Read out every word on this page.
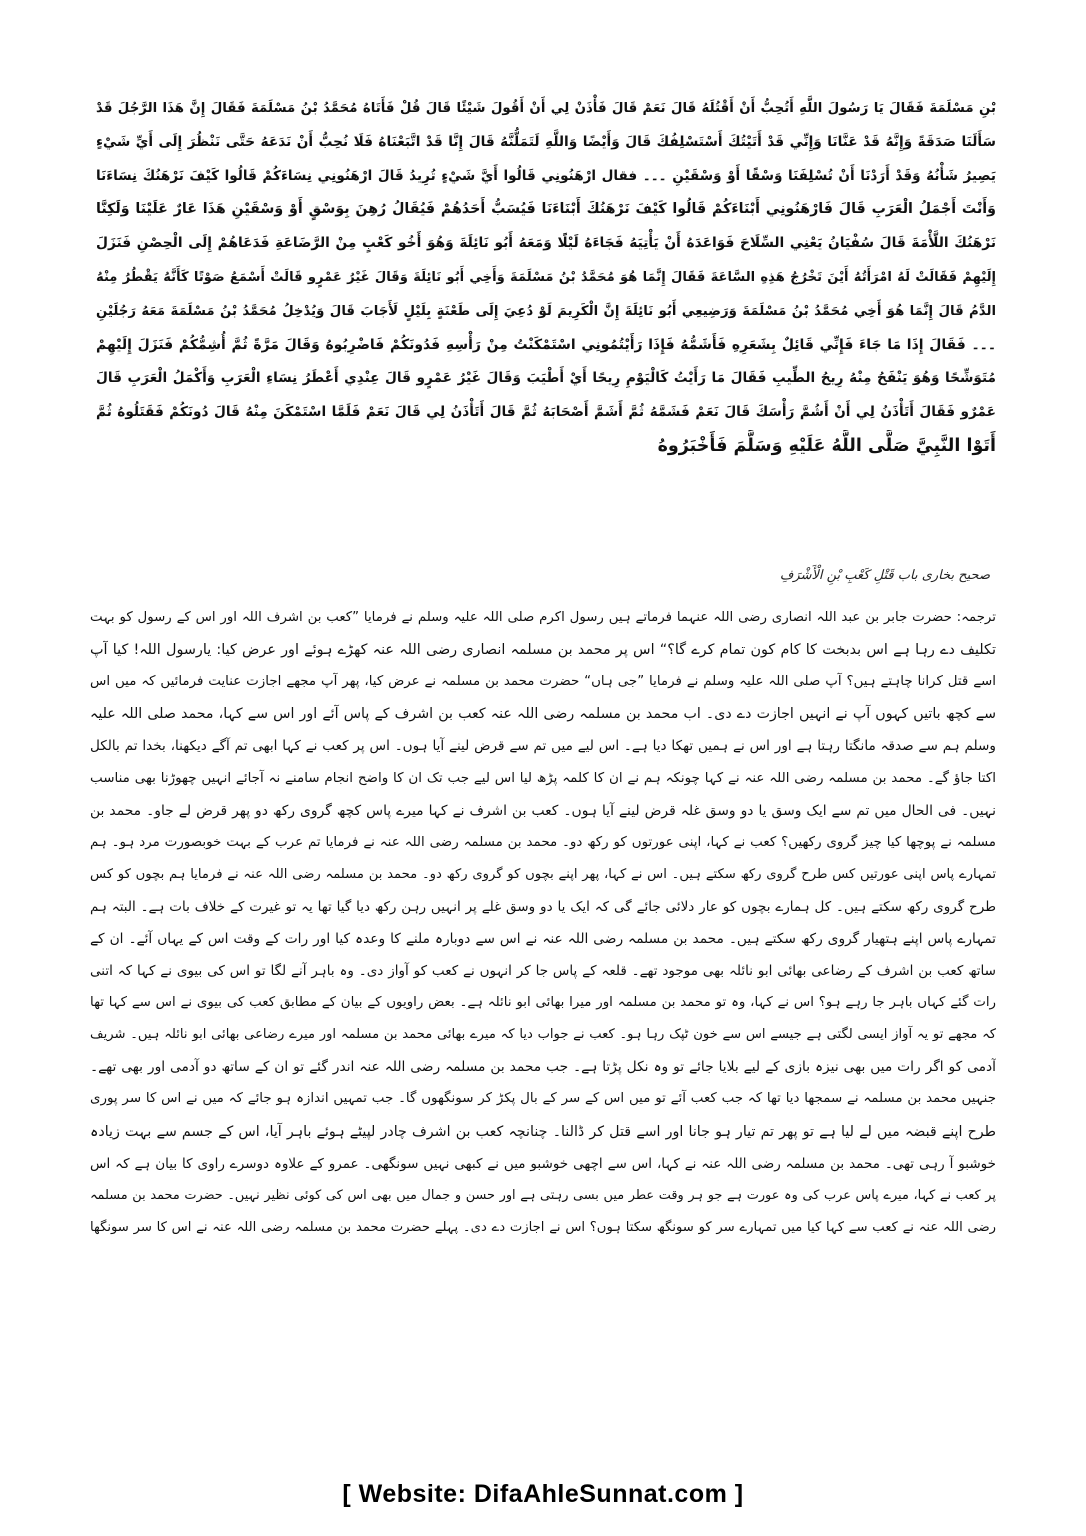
بْنِ مَسْلَمَةَ فَقَالَ يَا رَسُولَ اللَّهِ أَتُحِبُّ أَنْ أَقْتُلَهُ قَالَ نَعَمْ قَالَ فَأْذَنْ لِي أَنْ أَقُولَ شَيْئًا قَالَ قُلْ فَأَتَاهُ مُحَمَّدُ بْنُ مَسْلَمَةَ فَقَالَ إِنَّ هَذَا الرَّجُلَ قَدْ
سَأَلَنَا صَدَقَةً وَإِنَّهُ قَدْ عَنَّانَا وَإِنِّي قَدْ أَتَيْتُكَ أَسْتَسْلِفُكَ قَالَ وَأَيْضًا وَاللَّهِ لَتَمَلُّنَّهُ قَالَ إِنَّا قَدْ اتَّبَعْنَاهُ فَلَا نُحِبُّ أَنْ نَدَعَهُ حَتَّى نَنْظُرَ إِلَى أَيِّ شَيْءٍ
يَصِيرُ شَأْنُهُ وَقَدْ أَرَدْنَا أَنْ تُسْلِفَنَا وَسْقًا أَوْ وَسْقَيْنِ ۔۔۔ فقال ارْهَنُونِي قَالُوا أَيَّ شَيْءٍ تُرِيدُ قَالَ ارْهَنُونِي نِسَاءَكُمْ قَالُوا كَيْفَ نَرْهَنُكَ نِسَاءَنَا
وَأَنْتَ أَجْمَلُ الْعَرَبِ قَالَ فَارْهَنُونِي أَبْنَاءَكُمْ قَالُوا كَيْفَ نَرْهَنُكَ أَبْنَاءَنَا فَيُسَبُّ أَحَدُهُمْ فَيُقَالُ رُهِنَ بِوَسْقٍ أَوْ وَسْقَيْنِ هَذَا عَارٌ عَلَيْنَا وَلَكِنَّا
نَرْهَنُكَ اللَّأْمَةَ قَالَ سُفْيَانُ يَعْنِي السِّلَاحَ فَوَاعَدَهُ أَنْ يَأْتِيَهُ فَجَاءَهُ لَيْلًا وَمَعَهُ أَبُو نَائِلَةَ وَهُوَ أَخُو كَعْبٍ مِنْ الرَّضَاعَةِ فَدَعَاهُمْ إِلَى الْحِصْنِ فَنَزَلَ
إِلَيْهِمْ فَقَالَتْ لَهُ امْرَأَتُهُ أَيْنَ تَخْرُجُ هَذِهِ السَّاعَةَ فَقَالَ إِنَّمَا هُوَ مُحَمَّدُ بْنُ مَسْلَمَةَ وَأَخِي أَبُو نَائِلَةَ وَقَالَ غَيْرُ عَمْرٍو قَالَتْ أَسْمَعُ صَوْتًا كَأَنَّهُ يَقْطُرُ مِنْهُ
الدَّمُ قَالَ إِنَّمَا هُوَ أَخِي مُحَمَّدُ بْنُ مَسْلَمَةَ وَرَضِيعِي أَبُو نَائِلَةَ إِنَّ الْكَرِيمَ لَوْ دُعِيَ إِلَى طَعْنَةٍ بِلَيْلٍ لَأَجَابَ قَالَ وَيُدْخِلُ مُحَمَّدُ بْنُ مَسْلَمَةَ مَعَهُ رَجُلَيْنِ
۔۔۔ فَقَالَ إِذَا مَا جَاءَ فَإِنِّي قَائِلٌ بِشَعَرِهِ فَأَشَمُّهُ فَإِذَا رَأَيْتُمُونِي اسْتَمْكَنْتُ مِنْ رَأْسِهِ فَدُونَكُمْ فَاضْرِبُوهُ وَقَالَ مَرَّةً ثُمَّ أُشِمُّكُمْ فَنَزَلَ إِلَيْهِمْ
مُتَوَشِّحًا وَهُوَ يَنْفَحُ مِنْهُ رِيحُ الطِّيبِ فَقَالَ مَا رَأَيْتُ كَالْيَوْمِ رِيحًا أَيْ أَطْيَبَ وَقَالَ غَيْرُ عَمْرٍو قَالَ عِنْدِي أَعْطَرُ نِسَاءِ الْعَرَبِ وَأَكْمَلُ الْعَرَبِ قَالَ
عَمْرٌو فَقَالَ أَتَأْذَنُ لِي أَنْ أَشُمَّ رَأْسَكَ قَالَ نَعَمْ فَشَمَّهُ ثُمَّ أَشَمَّ أَصْحَابَهُ ثُمَّ قَالَ أَتَأْذَنُ لِي قَالَ نَعَمْ فَلَمَّا اسْتَمْكَنَ مِنْهُ قَالَ دُونَكُمْ فَقَتَلُوهُ ثُمَّ
أَتَوْا النَّبِيَّ صَلَّى اللَّهُ عَلَيْهِ وَسَلَّمَ فَأَخْبَرُوهُ
صحیح بخاری باب قَتْلِ كَعْبِ بْنِ الْأَشْرَفِ
ترجمہ: حضرت جابر بن عبد اللہ انصاری رضی اللہ عنہما فرماتے ہیں رسول اکرم صلی اللہ علیہ وسلم نے فرمایا ”کعب بن اشرف اللہ اور اس کے رسول کو بہت
تکلیف دے رہا ہے اس بدبخت کا کام کون تمام کرے گا؟“ اس پر محمد بن مسلمہ انصاری رضی اللہ عنہ کھڑے ہوئے اور عرض کیا: یارسول اللہ! کیا آپ
اسے قتل کرانا چاہتے ہیں؟ آپ صلی اللہ علیہ وسلم نے فرمایا ”جی ہاں“ حضرت محمد بن مسلمہ نے عرض کیا، پھر آپ مجھے اجازت عنایت فرمائیں کہ میں اس
سے کچھ باتیں کہوں آپ نے انہیں اجازت دے دی۔ اب محمد بن مسلمہ رضی اللہ عنہ کعب بن اشرف کے پاس آئے اور اس سے کہا، محمد صلی اللہ علیہ
وسلم ہم سے صدقہ مانگتا رہتا ہے اور اس نے ہمیں تھکا دیا ہے۔ اس لیے میں تم سے قرض لینے آیا ہوں۔ اس پر کعب نے کہا ابھی تم آگے دیکھنا، بخدا تم بالکل
اکتا جاؤ گے۔ محمد بن مسلمہ رضی اللہ عنہ نے کہا چونکہ ہم نے ان کا کلمہ پڑھ لیا اس لیے جب تک ان کا واضح انجام سامنے نہ آجائے انہیں چھوڑنا بھی مناسب
نہیں۔ فی الحال میں تم سے ایک وسق یا دو وسق غلہ قرض لینے آیا ہوں۔ کعب بن اشرف نے کہا میرے پاس کچھ گروی رکھ دو پھر قرض لے جاو۔ محمد بن
مسلمہ نے پوچھا کیا چیز گروی رکھیں؟ کعب نے کہا، اپنی عورتوں کو رکھ دو۔ محمد بن مسلمہ رضی اللہ عنہ نے فرمایا تم عرب کے بہت خوبصورت مرد ہو۔ ہم
تمہارے پاس اپنی عورتیں کس طرح گروی رکھ سکتے ہیں۔ اس نے کہا، پھر اپنے بچوں کو گروی رکھ دو۔ محمد بن مسلمہ رضی اللہ عنہ نے فرمایا ہم بچوں کو کس
طرح گروی رکھ سکتے ہیں۔ کل ہمارے بچوں کو عار دلائی جائے گی کہ ایک یا دو وسق غلے پر انہیں رہن رکھ دیا گیا تھا یہ تو غیرت کے خلاف بات ہے۔ البتہ ہم
تمہارے پاس اپنے ہتھیار گروی رکھ سکتے ہیں۔ محمد بن مسلمہ رضی اللہ عنہ نے اس سے دوبارہ ملنے کا وعدہ کیا اور رات کے وقت اس کے یہاں آئے۔ ان کے
ساتھ کعب بن اشرف کے رضاعی بھائی ابو نائلہ بھی موجود تھے۔ قلعہ کے پاس جا کر انہوں نے کعب کو آواز دی۔ وہ باہر آنے لگا تو اس کی بیوی نے کہا کہ اتنی
رات گئے کہاں باہر جا رہے ہو؟ اس نے کہا، وہ تو محمد بن مسلمہ اور میرا بھائی ابو نائلہ ہے۔ بعض راویوں کے بیان کے مطابق کعب کی بیوی نے اس سے کہا تھا
کہ مجھے تو یہ آواز ایسی لگتی ہے جیسے اس سے خون ٹپک رہا ہو۔ کعب نے جواب دیا کہ میرے بھائی محمد بن مسلمہ اور میرے رضاعی بھائی ابو نائلہ ہیں۔ شریف
آدمی کو اگر رات میں بھی نیزہ بازی کے لیے بلایا جائے تو وہ نکل پڑتا ہے۔ جب محمد بن مسلمہ رضی اللہ عنہ اندر گئے تو ان کے ساتھ دو آدمی اور بھی تھے۔
جنہیں محمد بن مسلمہ نے سمجھا دیا تھا کہ جب کعب آئے تو میں اس کے سر کے بال پکڑ کر سونگھوں گا۔ جب تمہیں اندازہ ہو جائے کہ میں نے اس کا سر پوری
طرح اپنے قبضہ میں لے لیا ہے تو پھر تم تیار ہو جانا اور اسے قتل کر ڈالنا۔ چنانچہ کعب بن اشرف چادر لپیٹے ہوئے باہر آیا، اس کے جسم سے بہت زیادہ
خوشبو آ رہی تھی۔ محمد بن مسلمہ رضی اللہ عنہ نے کہا، اس سے اچھی خوشبو میں نے کبھی نہیں سونگھی۔ عمرو کے علاوہ دوسرے راوی کا بیان ہے کہ اس
پر کعب نے کہا، میرے پاس عرب کی وہ عورت ہے جو ہر وقت عطر میں بسی رہتی ہے اور حسن و جمال میں بھی اس کی کوئی نظیر نہیں۔ حضرت محمد بن مسلمہ
رضی اللہ عنہ نے کعب سے کہا کیا میں تمہارے سر کو سونگھ سکتا ہوں؟ اس نے اجازت دے دی۔ پہلے حضرت محمد بن مسلمہ رضی اللہ عنہ نے اس کا سر سونگھا
[ Website: DifaAhleSunnat.com ]
